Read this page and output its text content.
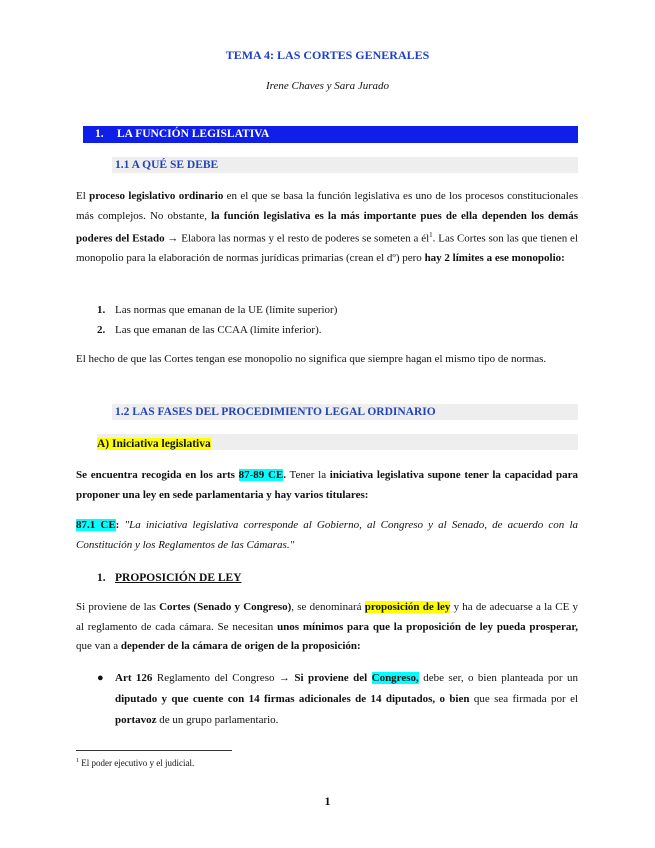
TEMA 4: LAS CORTES GENERALES
Irene Chaves y Sara Jurado
1. LA FUNCIÓN LEGISLATIVA
1.1 A QUÉ SE DEBE

El proceso legislativo ordinario en el que se basa la función legislativa es uno de los procesos constitucionales más complejos. No obstante, la función legislativa es la más importante pues de ella dependen los demás poderes del Estado → Elabora las normas y el resto de poderes se someten a $él^1$. Las Cortes son las que tienen el monopolio para la elaboración de normas jurídicas primarias (crean el dº) pero hay 2 límites a ese monopolio:

1. Las normas que emanan de la UE (límite superior)
2. Las que emanan de las CCAA (límite inferior).
El hecho de que las Cortes tengan ese monopolio no significa que siempre hagan el mismo tipo de normas.
1.2 LAS FASES DEL PROCEDIMIENTO LEGAL ORDINARIO
A) Iniciativa legislativa

Se encuentra recogida en los arts 87-89 CE. Tener la iniciativa legislativa supone tener la capacidad para proponer una ley en sede parlamentaria y hay varios titulares:

87.1 CE: "La iniciativa legislativa corresponde al Gobierno, al Congreso y al Senado, de acuerdo con la Constitución y los Reglamentos de las Cámaras."

1. PROPOSICIÓN DE LEY

Si proviene de las Cortes (Senado y Congreso), se denominará proposición de ley y ha de adecuarse a la CE y al reglamento de cada cámara. Se necesitan unos mínimos para que la proposición de ley pueda prosperar, que van a depender de la cámara de origen de la proposición:

● Art 126 Reglamento del Congreso → Si proviene del Congreso, debe ser, o bien planteada por un diputado y que cuente con 14 firmas adicionales de 14 diputados, o bien que sea firmada por el portavoz de un grupo parlamentario.
$^1$ El poder ejecutivo y el judicial.
1
